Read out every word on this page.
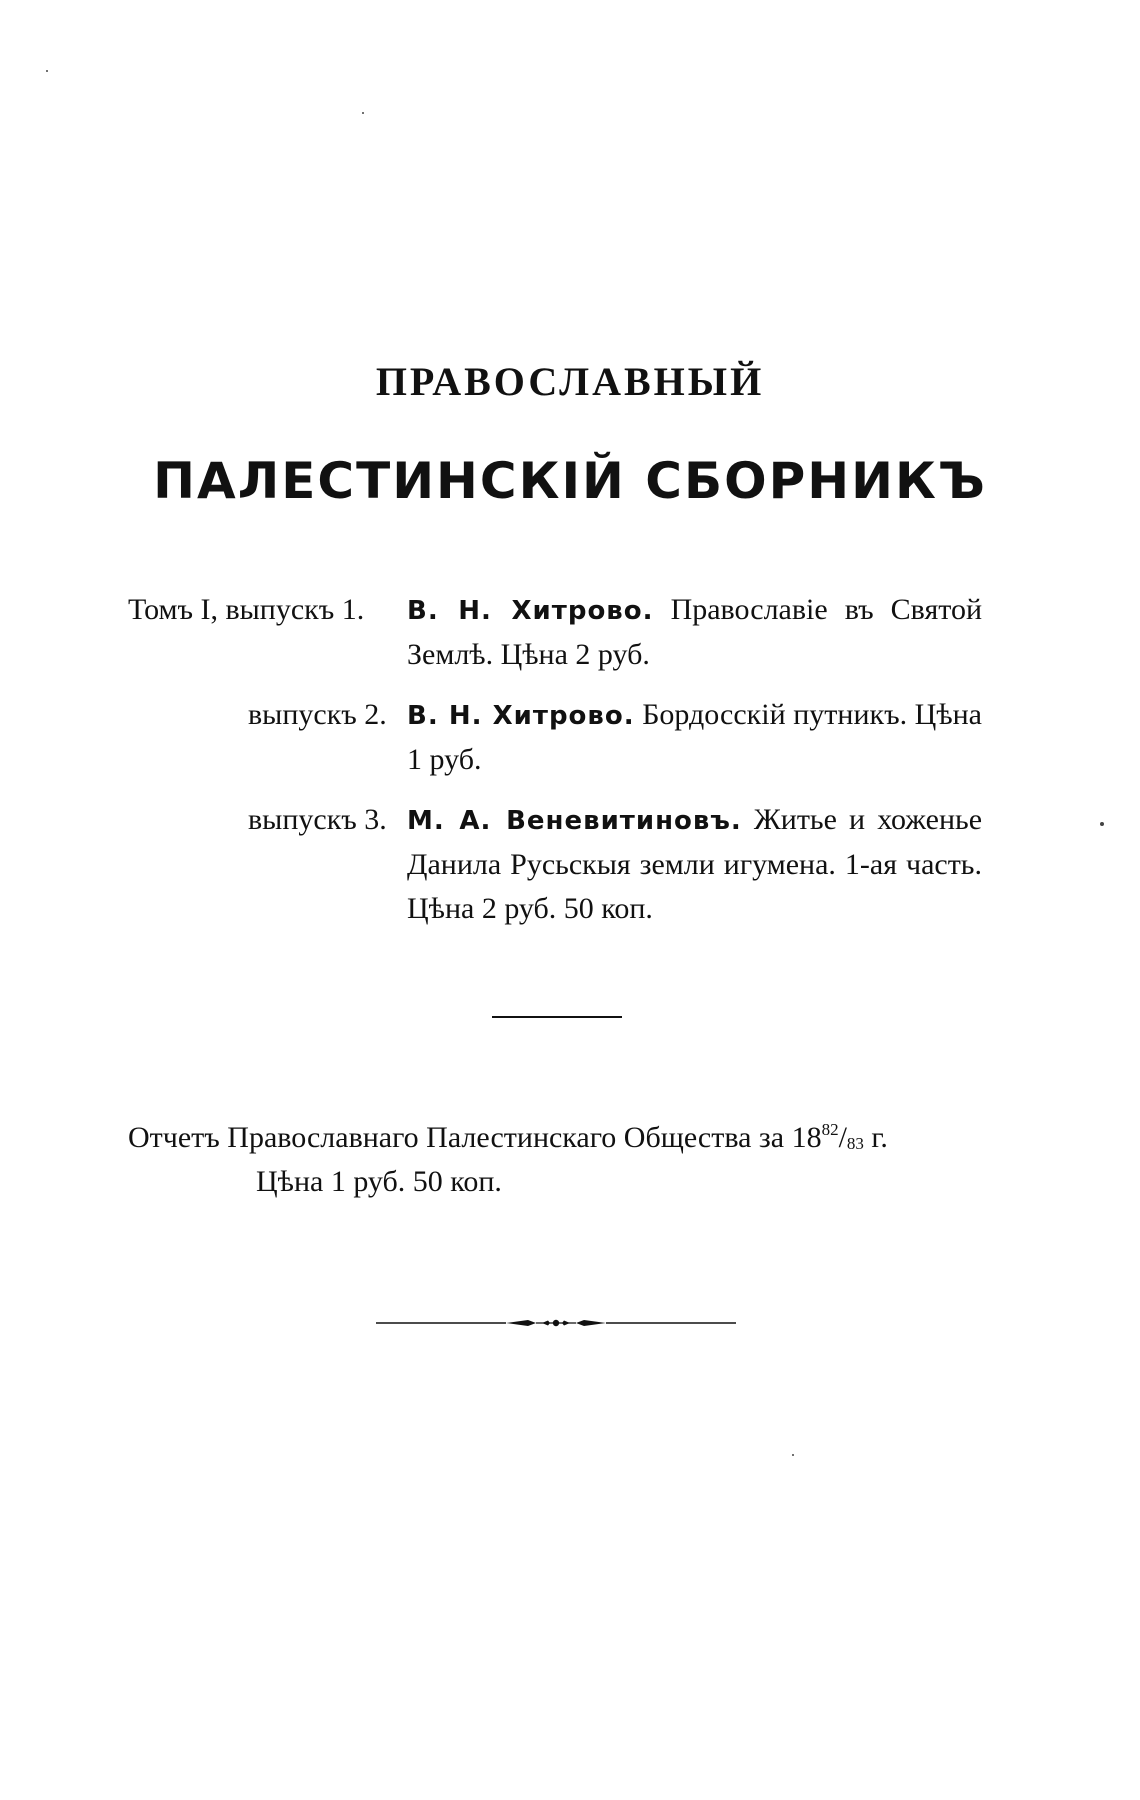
ПРАВОСЛАВНЫЙ
ПАЛЕСТИНСКІЙ СБОРНИКЪ
Томъ I, выпускъ 1.	В. Н. Хитрово. Православіе въ Святой Землѣ. Цѣна 2 руб.
выпускъ 2. В. Н. Хитрово. Бордосскій путникъ. Цѣна 1 руб.
выпускъ 3. М. А. Веневитиновъ. Житье и хоженье Данила Русьскыя земли игумена. 1-ая часть. Цѣна 2 руб. 50 коп.
Отчетъ Православнаго Палестинскаго Общества за $18^{82}/_{83}$ г.
Цѣна 1 руб. 50 коп.
